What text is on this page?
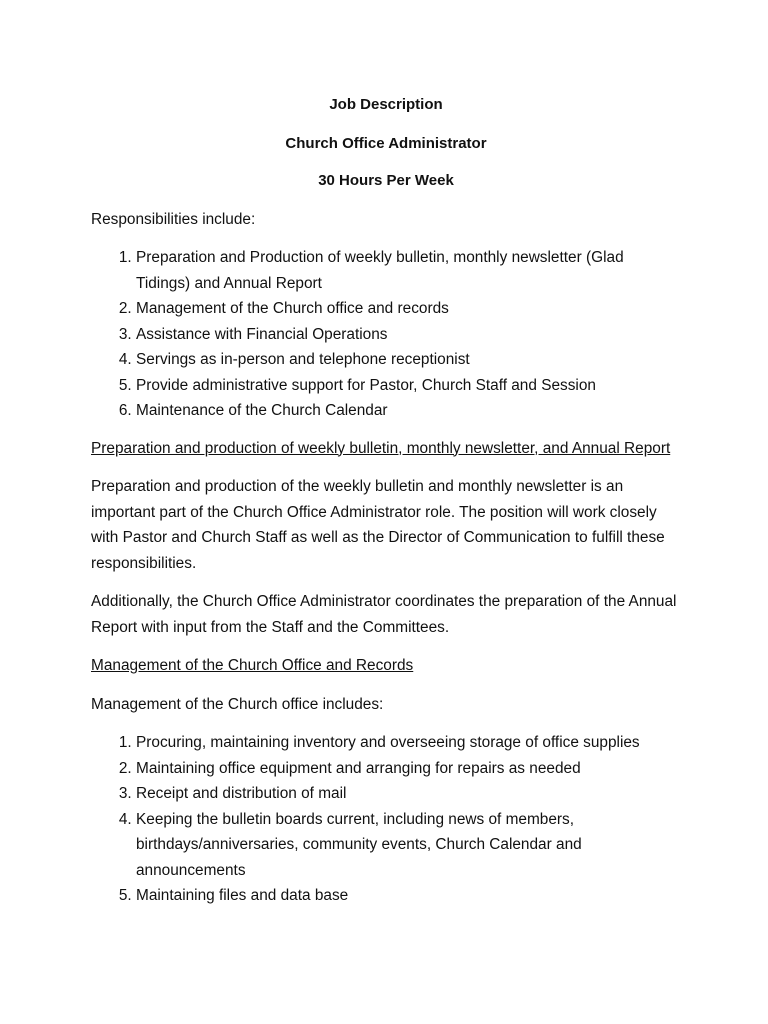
Job Description

Church Office Administrator

30 Hours Per Week

Responsibilities include:

1. Preparation and Production of weekly bulletin, monthly newsletter (Glad Tidings) and Annual Report
2. Management of the Church office and records
3. Assistance with Financial Operations
4. Servings as in-person and telephone receptionist
5. Provide administrative support for Pastor, Church Staff and Session
6. Maintenance of the Church Calendar

Preparation and production of weekly bulletin, monthly newsletter, and Annual Report

Preparation and production of the weekly bulletin and monthly newsletter is an important part of the Church Office Administrator role. The position will work closely with Pastor and Church Staff as well as the Director of Communication to fulfill these responsibilities.

Additionally, the Church Office Administrator coordinates the preparation of the Annual Report with input from the Staff and the Committees.

Management of the Church Office and Records

Management of the Church office includes:

1. Procuring, maintaining inventory and overseeing storage of office supplies
2. Maintaining office equipment and arranging for repairs as needed
3. Receipt and distribution of mail
4. Keeping the bulletin boards current, including news of members, birthdays/anniversaries, community events, Church Calendar and announcements
5. Maintaining files and data base
